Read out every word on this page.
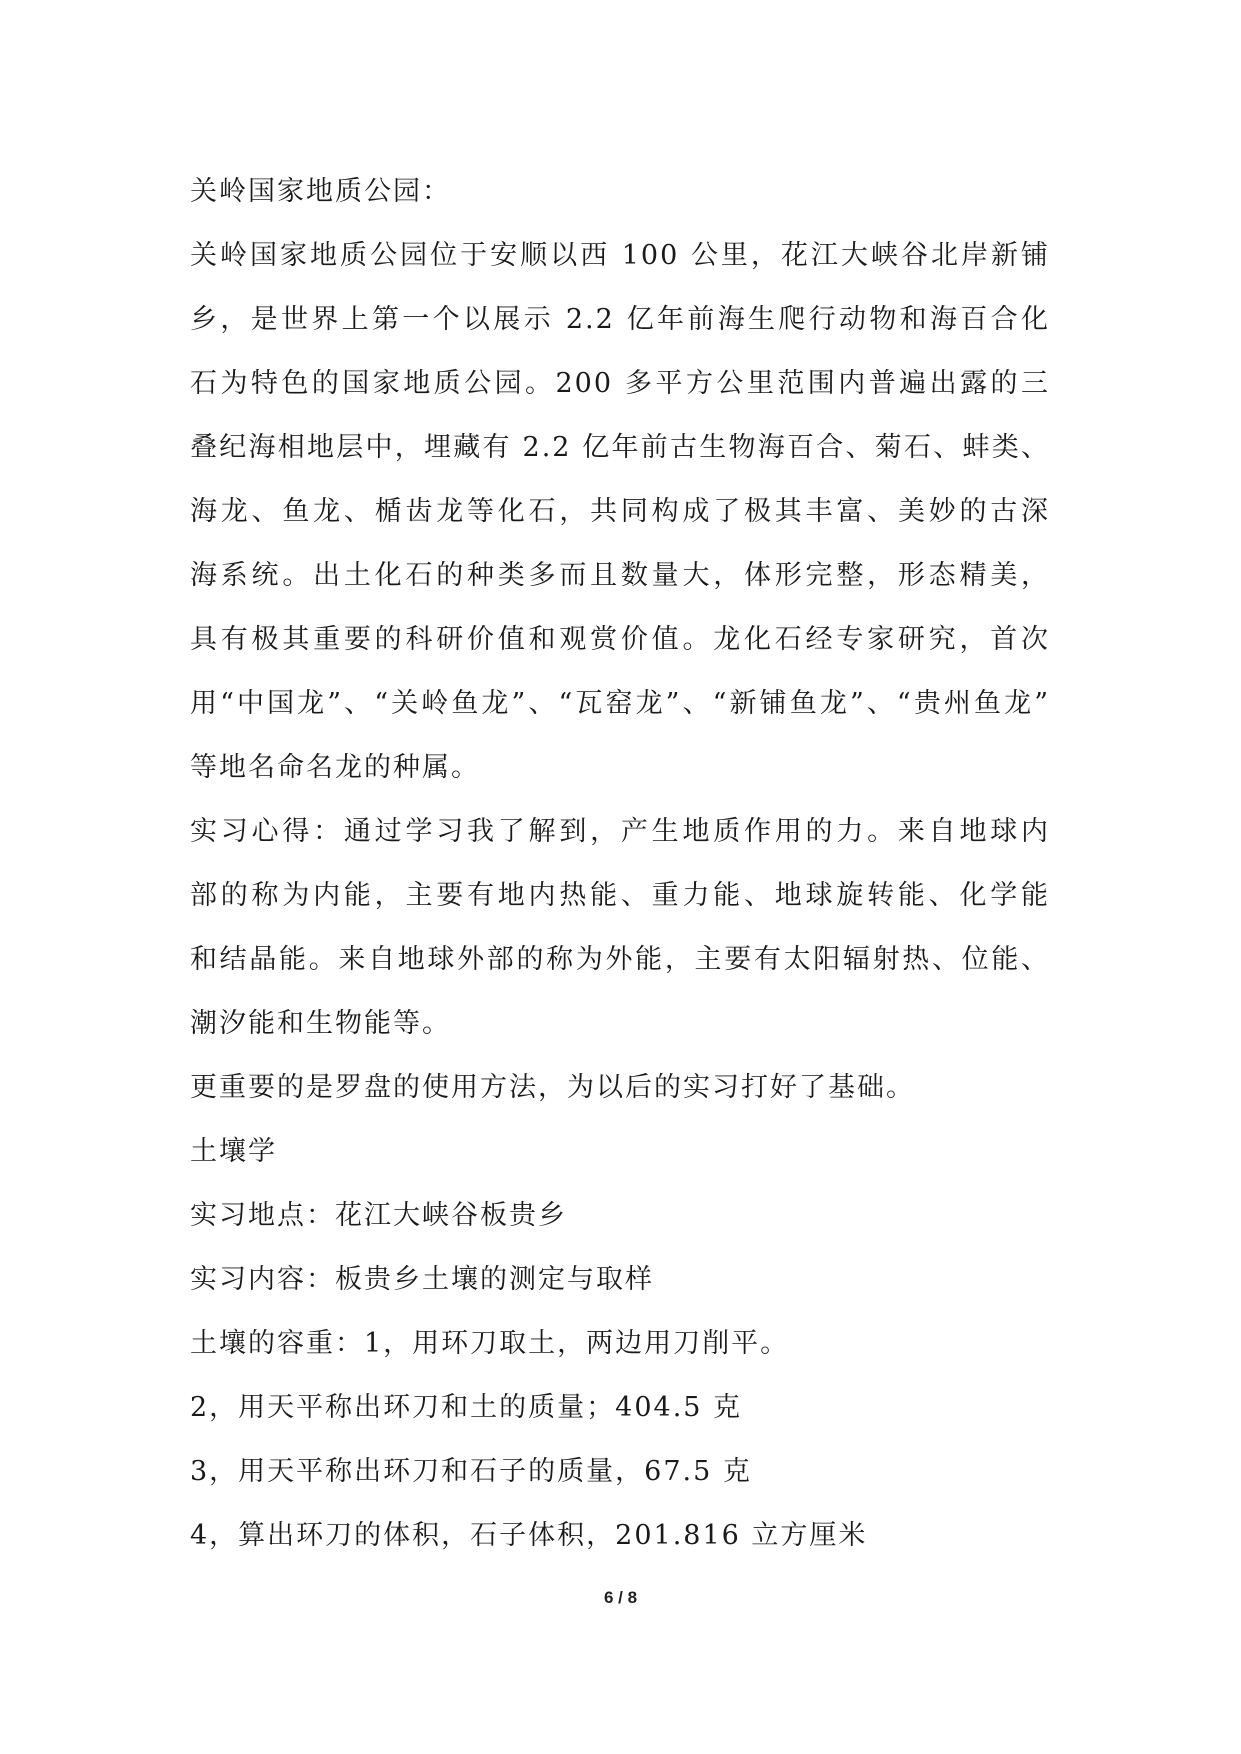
关岭国家地质公园：
关岭国家地质公园位于安顺以西 100 公里，花江大峡谷北岸新铺
乡，是世界上第一个以展示 2.2 亿年前海生爬行动物和海百合化
石为特色的国家地质公园。200 多平方公里范围内普遍出露的三
叠纪海相地层中，埋藏有 2.2 亿年前古生物海百合、菊石、蚌类、
海龙、鱼龙、楯齿龙等化石，共同构成了极其丰富、美妙的古深
海系统。出土化石的种类多而且数量大，体形完整，形态精美，
具有极其重要的科研价值和观赏价值。龙化石经专家研究，首次
用“中国龙”、“关岭鱼龙”、“瓦窑龙”、“新铺鱼龙”、“贵州鱼龙”
等地名命名龙的种属。
实习心得：通过学习我了解到，产生地质作用的力。来自地球内
部的称为内能，主要有地内热能、重力能、地球旋转能、化学能
和结晶能。来自地球外部的称为外能，主要有太阳辐射热、位能、
潮汐能和生物能等。
更重要的是罗盘的使用方法，为以后的实习打好了基础。
土壤学
实习地点：花江大峡谷板贵乡
实习内容：板贵乡土壤的测定与取样
土壤的容重：1，用环刀取土，两边用刀削平。
2，用天平称出环刀和土的质量；404.5 克
3，用天平称出环刀和石子的质量，67.5 克
4，算出环刀的体积，石子体积，201.816 立方厘米
6 / 8
